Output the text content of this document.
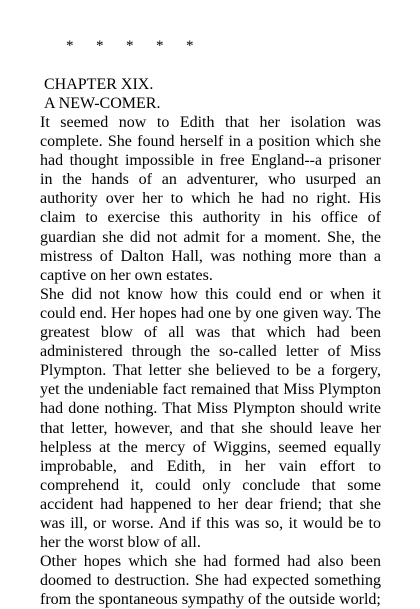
*      *      *      *      *
CHAPTER XIX.
A NEW-COMER.

It seemed now to Edith that her isolation was complete. She found herself in a position which she had thought impossible in free England--a prisoner in the hands of an adventurer, who usurped an authority over her to which he had no right. His claim to exercise this authority in his office of guardian she did not admit for a moment. She, the mistress of Dalton Hall, was nothing more than a captive on her own estates.

She did not know how this could end or when it could end. Her hopes had one by one given way. The greatest blow of all was that which had been administered through the so-called letter of Miss Plympton. That letter she believed to be a forgery, yet the undeniable fact remained that Miss Plympton had done nothing. That Miss Plympton should write that letter, however, and that she should leave her helpless at the mercy of Wiggins, seemed equally improbable, and Edith, in her vain effort to comprehend it, could only conclude that some accident had happened to her dear friend; that she was ill, or worse. And if this was so, it would be to her the worst blow of all.

Other hopes which she had formed had also been doomed to destruction. She had expected something from the spontaneous sympathy of the outside world;
